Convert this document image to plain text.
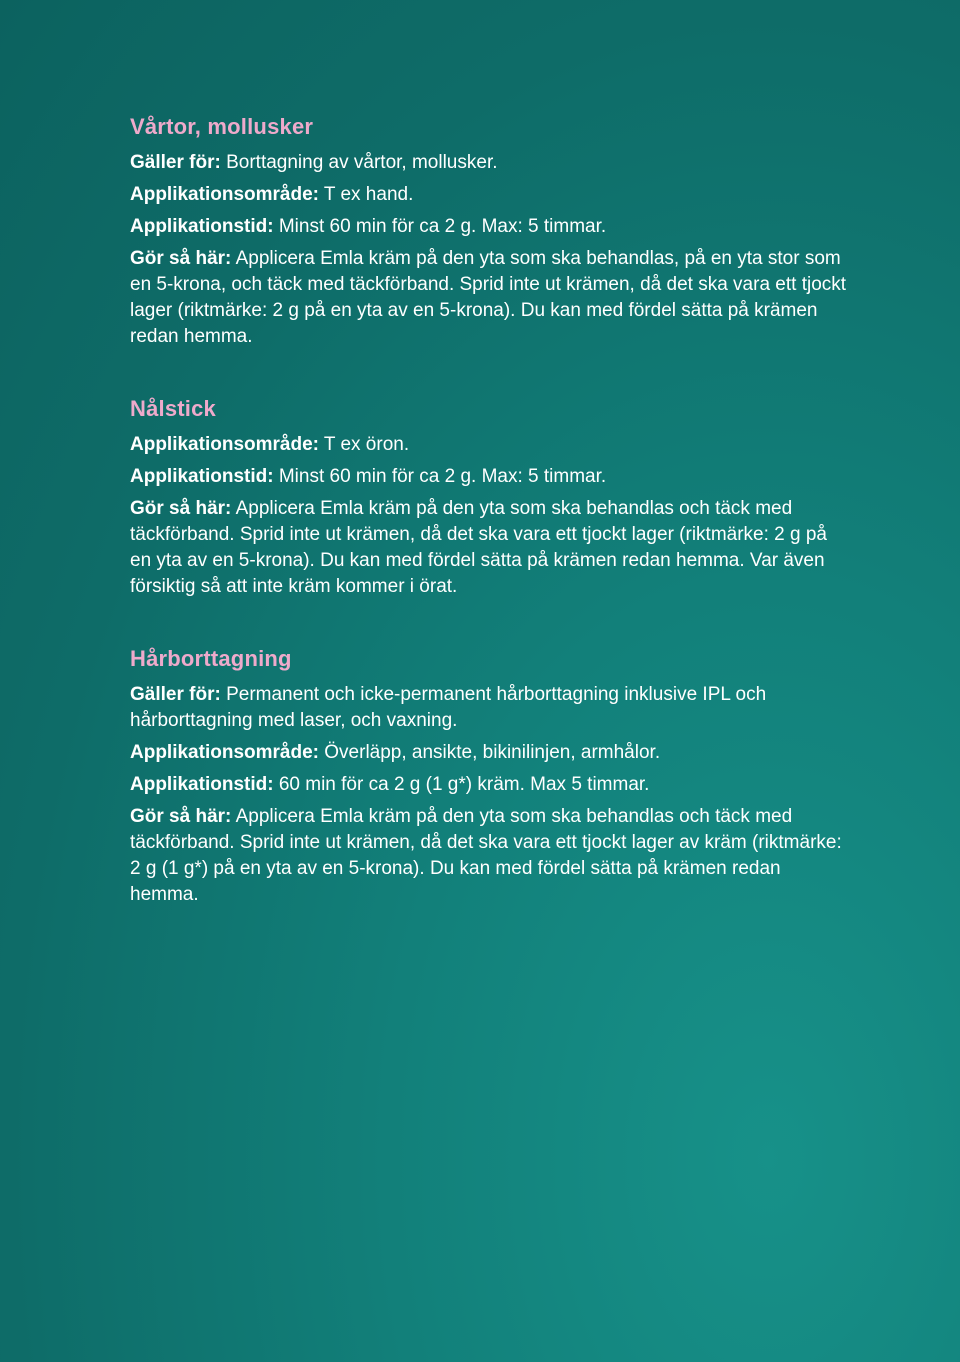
Vårtor, mollusker

Gäller för: Borttagning av vårtor, mollusker.

Applikationsområde: T ex hand.

Applikationstid: Minst 60 min för ca 2 g. Max: 5 timmar.

Gör så här: Applicera Emla kräm på den yta som ska behandlas, på en yta stor som en 5-krona, och täck med täckförband. Sprid inte ut krämen, då det ska vara ett tjockt lager (riktmärke: 2 g på en yta av en 5-krona). Du kan med fördel sätta på krämen redan hemma.

Nålstick

Applikationsområde: T ex öron.

Applikationstid: Minst 60 min för ca 2 g. Max: 5 timmar.

Gör så här: Applicera Emla kräm på den yta som ska behandlas och täck med täckförband. Sprid inte ut krämen, då det ska vara ett tjockt lager (riktmärke: 2 g på en yta av en 5-krona). Du kan med fördel sätta på krämen redan hemma. Var även försiktig så att inte kräm kommer i örat.

Hårborttagning

Gäller för: Permanent och icke-permanent hårborttagning inklusive IPL och hårborttagning med laser, och vaxning.

Applikationsområde: Överläpp, ansikte, bikinilinjen, armhålor.

Applikationstid: 60 min för ca 2 g (1 g*) kräm. Max 5 timmar.

Gör så här: Applicera Emla kräm på den yta som ska behandlas och täck med täckförband. Sprid inte ut krämen, då det ska vara ett tjockt lager av kräm (riktmärke: 2 g (1 g*) på en yta av en 5-krona). Du kan med fördel sätta på krämen redan hemma.
